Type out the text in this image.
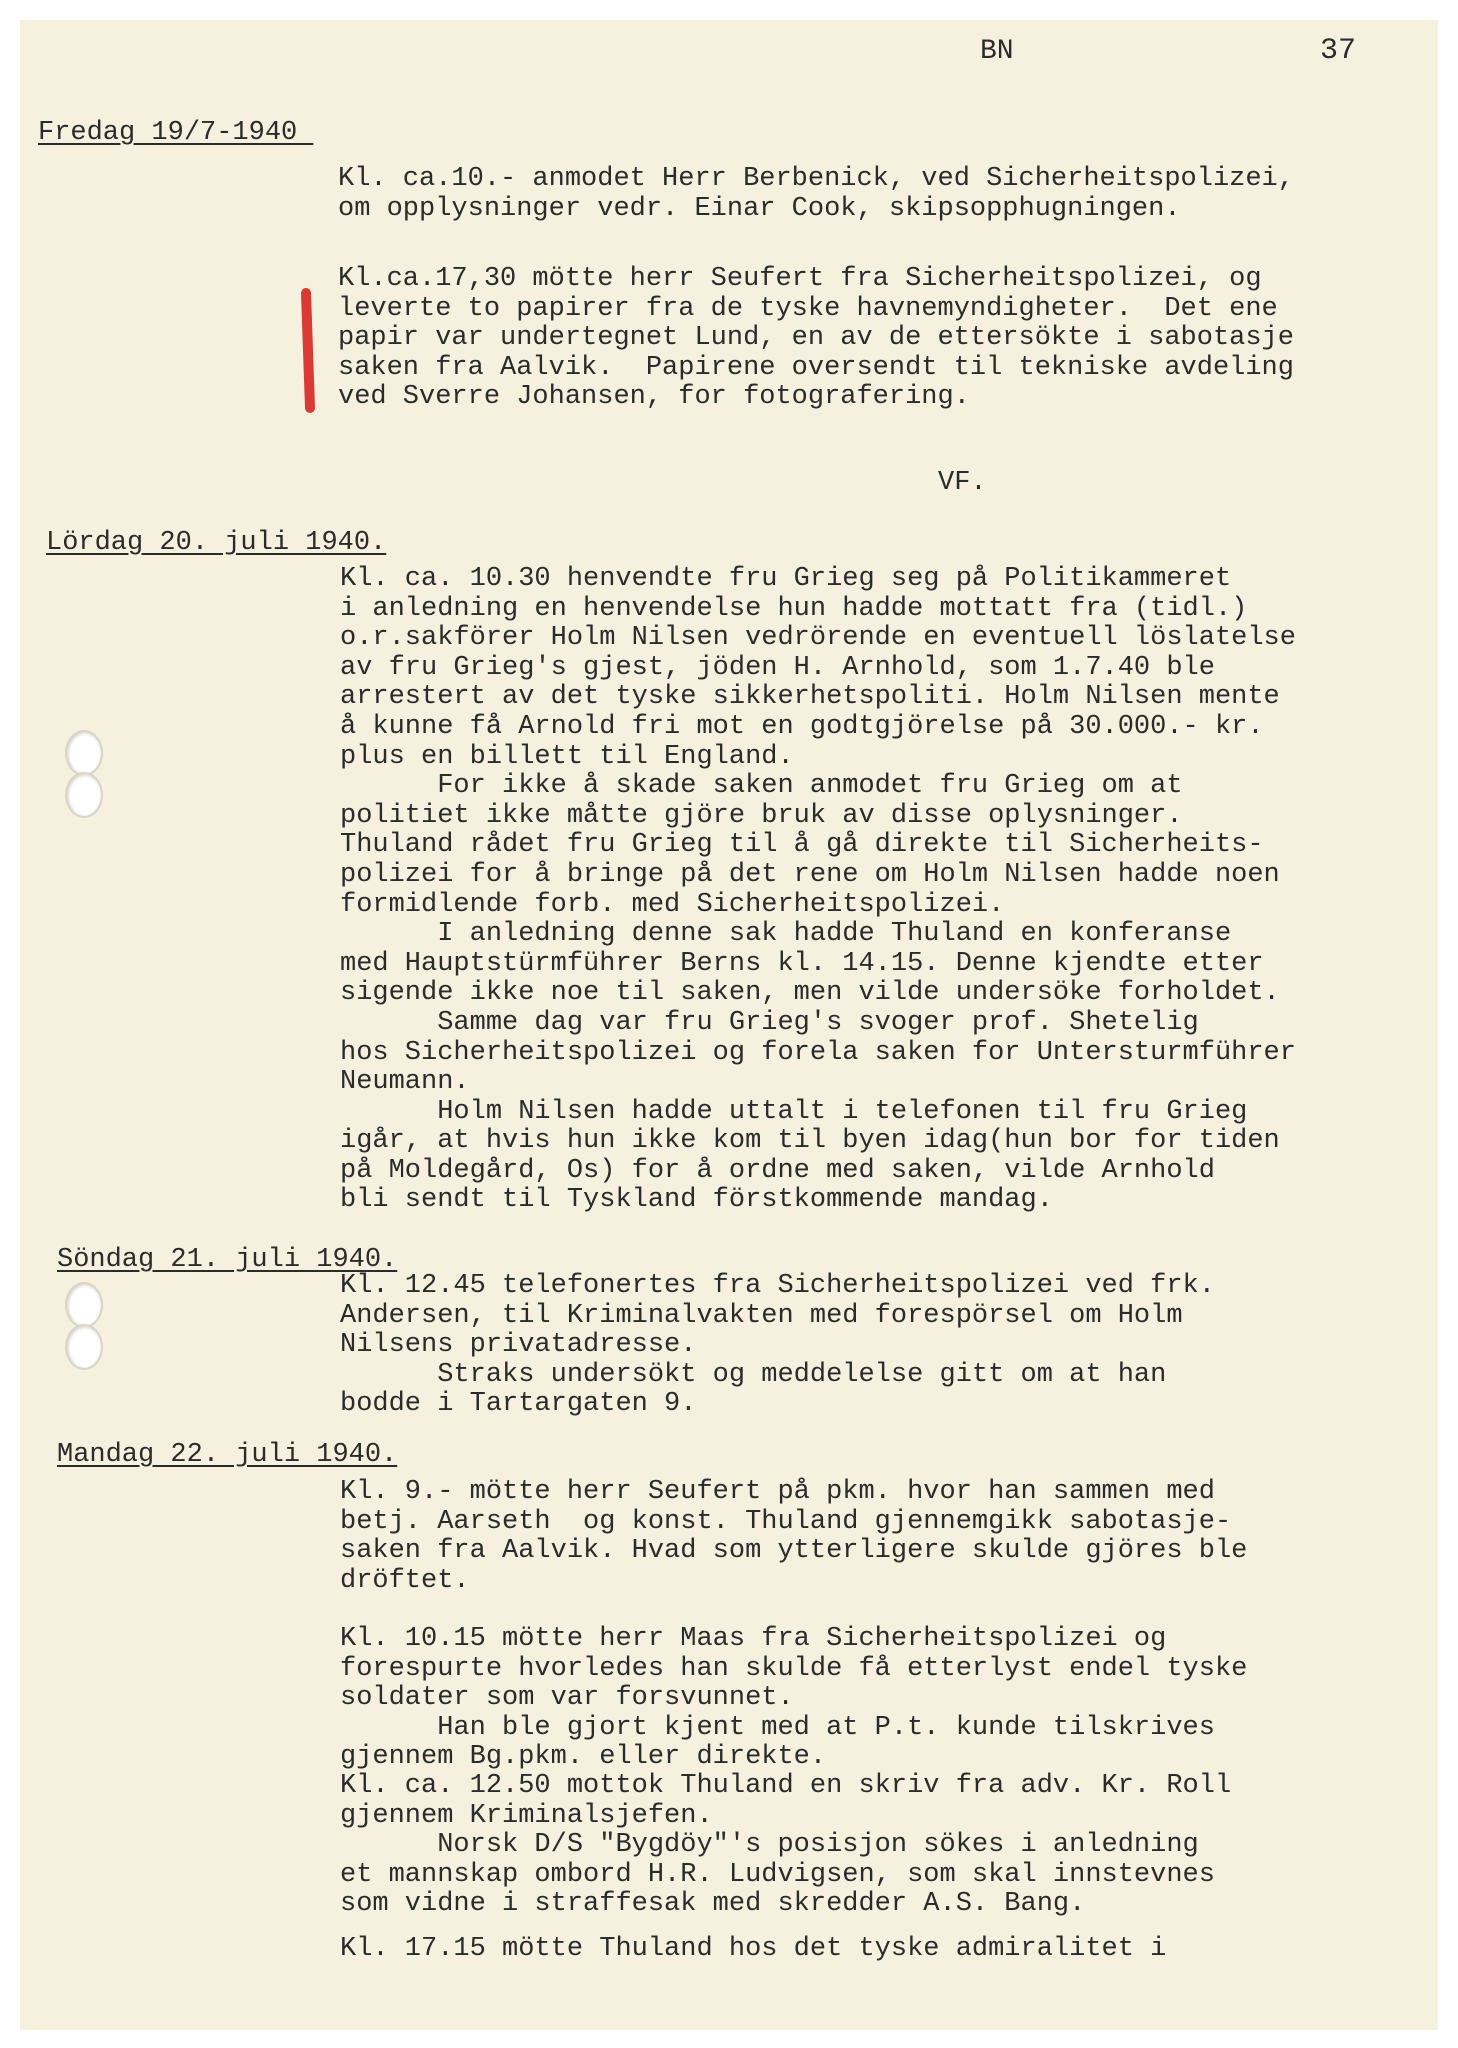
BN	37
Fredag 19/7-1940
Kl. ca.10.- anmodet Herr Berbenick, ved Sicherheitspolizei,
om opplysninger vedr. Einar Cook, skipsopphugningen.
Kl.ca.17,30 mötte herr Seufert fra Sicherheitspolizei, og
leverte to papirer fra de tyske havnemyndigheter.  Det ene
papir var undertegnet Lund, en av de ettersökte i sabotasje
saken fra Aalvik.  Papirene oversendt til tekniske avdeling
ved Sverre Johansen, for fotografering.
VF.
Lördag 20. juli 1940.
Kl. ca. 10.30 henvendte fru Grieg seg på Politikammeret
i anledning en henvendelse hun hadde mottatt fra (tidl.)
o.r.sakförer Holm Nilsen vedrörende en eventuell löslatelse
av fru Grieg's gjest, jöden H. Arnhold, som 1.7.40 ble
arrestert av det tyske sikkerhetspoliti. Holm Nilsen mente
å kunne få Arnold fri mot en godtgjörelse på 30.000.- kr.
plus en billett til England.
For ikke å skade saken anmodet fru Grieg om at
politiet ikke måtte gjöre bruk av disse oplysninger.
Thuland rådet fru Grieg til å gå direkte til Sicherheits-
polizei for å bringe på det rene om Holm Nilsen hadde noen
formidlende forb. med Sicherheitspolizei.
I anledning denne sak hadde Thuland en konferanse
med Hauptstürmführer Berns kl. 14.15. Denne kjendte etter
sigende ikke noe til saken, men vilde undersöke forholdet.
Samme dag var fru Grieg's svoger prof. Shetelig
hos Sicherheitspolizei og forela saken for Untersturmführer
Neumann.
Holm Nilsen hadde uttalt i telefonen til fru Grieg
igår, at hvis hun ikke kom til byen idag(hun bor for tiden
på Moldegård, Os) for å ordne med saken, vilde Arnhold
bli sendt til Tyskland förstkommende mandag.
Söndag 21. juli 1940.
Kl. 12.45 telefonertes fra Sicherheitspolizei ved frk.
Andersen, til Kriminalvakten med forespörsel om Holm
Nilsens privatadresse.
Straks undersökt og meddelelse gitt om at han
bodde i Tartargaten 9.
Mandag 22. juli 1940.
Kl. 9.- mötte herr Seufert på pkm. hvor han sammen med
betj. Aarseth  og konst. Thuland gjennemgikk sabotasje-
saken fra Aalvik. Hvad som ytterligere skulde gjöres ble
dröftet.
Kl. 10.15 mötte herr Maas fra Sicherheitspolizei og
forespurte hvorledes han skulde få etterlyst endel tyske
soldater som var forsvunnet.
Han ble gjort kjent med at P.t. kunde tilskrives
gjennem Bg.pkm. eller direkte.
Kl. ca. 12.50 mottok Thuland en skriv fra adv. Kr. Roll
gjennem Kriminalsjefen.
Norsk D/S "Bygdöy"'s posisjon sökes i anledning
et mannskap ombord H.R. Ludvigsen, som skal innstevnes
som vidne i straffesak med skredder A.S. Bang.
Kl. 17.15 mötte Thuland hos det tyske admiralitet i
